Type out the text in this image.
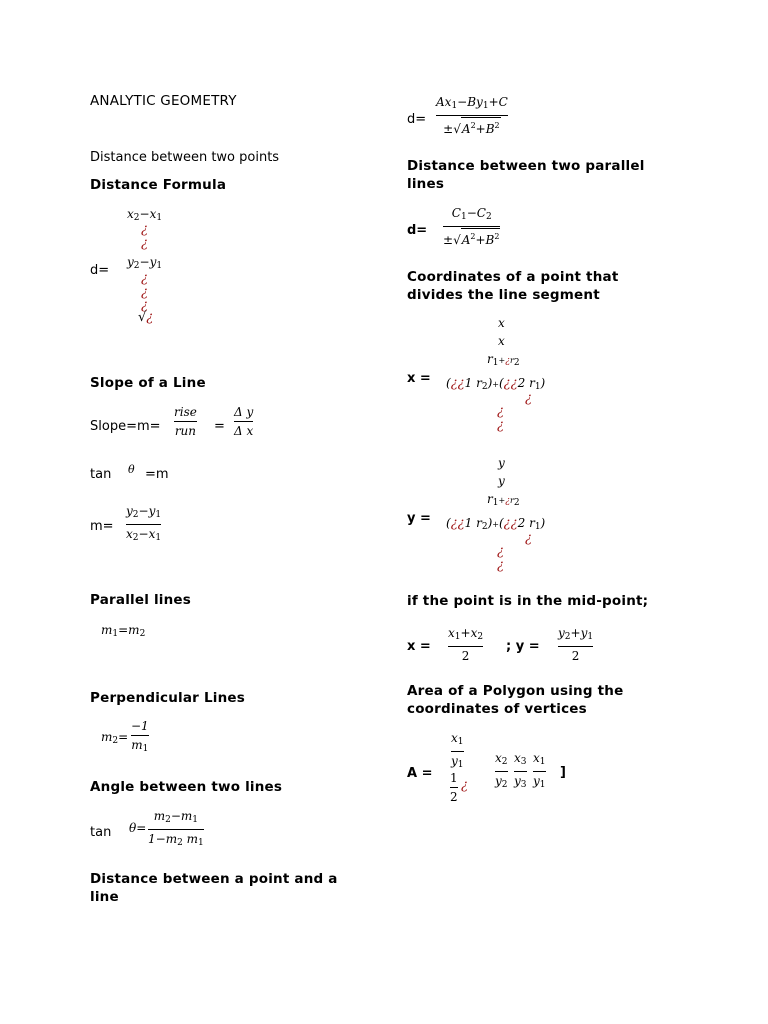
ANALYTIC GEOMETRY
Distance between two points
Distance Formula
d=
$x_2-x_1$
¿
¿
$y_2-y_1$
¿
¿
¿
√¿
Slope of a Line
Slope=m=
rise
run =
Δ y
Δ x
tan θ =m
m=
$y_2-y_1$
$x_2-x_1$
Parallel lines
$m_1=m_2$
Perpendicular Lines
$m_2=$
−1
$m_1$
Angle between two lines
tan θ=
$m_2-m_1$
$1-m_2$ $m_1$
Distance between a point and a line
d=
$Ax_1-By_1+C$
$\pm√A^2+B^2$
Distance between two parallel lines
d=
$C_1-C_2$
$\pm√A^2+B^2$
Coordinates of a point that divides the line segment
x =
x
x
$r_1+¿r_2$
(¿¿1 $r_2)+(¿¿2$ $r_1$)
¿
¿
¿
y =
y
y
$r_1+¿r_2$
(¿¿1 $r_2)+(¿¿2$ $r_1$)
¿
¿
¿
if the point is in the mid-point;
x =
$x_1+x_2$
2
; y =
$y_2+y_1$
2
Area of a Polygon using the coordinates of vertices
A =
$x_1$
$y_1$
1
2
¿
$x_2$
$y_2$
$x_3$
$y_3$
$x_1$
$y_1$
]
